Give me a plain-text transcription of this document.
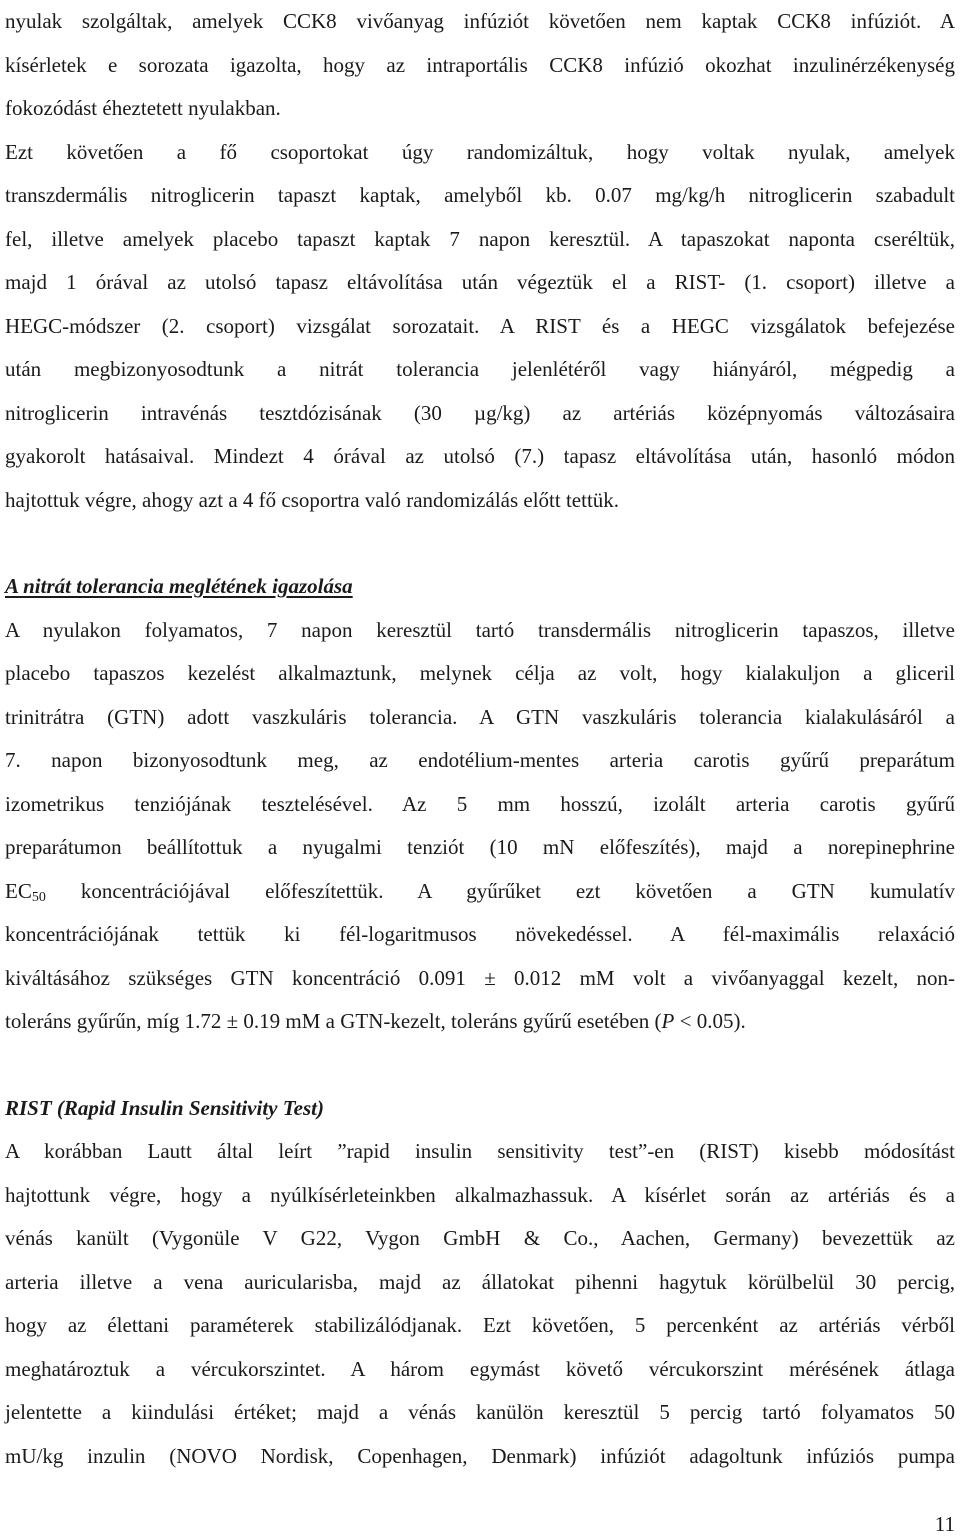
nyulak szolgáltak, amelyek CCK8 vivőanyag infúziót követően nem kaptak CCK8 infúziót. A
kísérletek e sorozata igazolta, hogy az intraportális CCK8 infúzió okozhat inzulinérzékenység
fokozódást éheztetett nyulakban.

Ezt követően a fő csoportokat úgy randomizáltuk, hogy voltak nyulak, amelyek
transzdermális nitroglicerin tapaszt kaptak, amelyből kb. 0.07 mg/kg/h nitroglicerin szabadult
fel, illetve amelyek placebo tapaszt kaptak 7 napon keresztül. A tapaszokat naponta cseréltük,
majd 1 órával az utolsó tapasz eltávolítása után végeztük el a RIST- (1. csoport) illetve a
HEGC-módszer (2. csoport) vizsgálat sorozatait. A RIST és a HEGC vizsgálatok befejezése
után megbizonyosodtunk a nitrát tolerancia jelenlétéről vagy hiányáról, mégpedig a
nitroglicerin intravénás tesztdózisának (30 µg/kg) az artériás középnyomás változásaira
gyakorolt hatásaival. Mindezt 4 órával az utolsó (7.) tapasz eltávolítása után, hasonló módon
hajtottuk végre, ahogy azt a 4 fő csoportra való randomizálás előtt tettük.

A nitrát tolerancia meglétének igazolása

A nyulakon folyamatos, 7 napon keresztül tartó transdermális nitroglicerin tapaszos, illetve
placebo tapaszos kezelést alkalmaztunk, melynek célja az volt, hogy kialakuljon a gliceril
trinitrátra (GTN) adott vaszkuláris tolerancia. A GTN vaszkuláris tolerancia kialakulásáról a
7. napon bizonyosodtunk meg, az endotélium-mentes arteria carotis gyűrű preparátum
izometrikus tenziójának tesztelésével. Az 5 mm hosszú, izolált arteria carotis gyűrű
preparátumon beállítottuk a nyugalmi tenziót (10 mN előfeszítés), majd a norepinephrine
$EC_{50}$ koncentrációjával előfeszítettük. A gyűrűket ezt követően a GTN kumulatív
koncentrációjának tettük ki fél-logaritmusos növekedéssel. A fél-maximális relaxáció
kiváltásához szükséges GTN koncentráció 0.091 ± 0.012 mM volt a vivőanyaggal kezelt, non-
toleráns gyűrűn, míg 1.72 ± 0.19 mM a GTN-kezelt, toleráns gyűrű esetében (P < 0.05).

RIST (Rapid Insulin Sensitivity Test)

A korábban Lautt által leírt ”rapid insulin sensitivity test”-en (RIST) kisebb módosítást
hajtottunk végre, hogy a nyúlkísérleteinkben alkalmazhassuk. A kísérlet során az artériás és a
vénás kanült (Vygonüle V G22, Vygon GmbH & Co., Aachen, Germany) bevezettük az
arteria illetve a vena auricularisba, majd az állatokat pihenni hagytuk körülbelül 30 percig,
hogy az élettani paraméterek stabilizálódjanak. Ezt követően, 5 percenként az artériás vérből
meghatároztuk a vércukorszintet. A három egymást követő vércukorszint mérésének átlaga
jelentette a kiindulási értéket; majd a vénás kanülön keresztül 5 percig tartó folyamatos 50
mU/kg inzulin (NOVO Nordisk, Copenhagen, Denmark) infúziót adagoltunk infúziós pumpa

11
